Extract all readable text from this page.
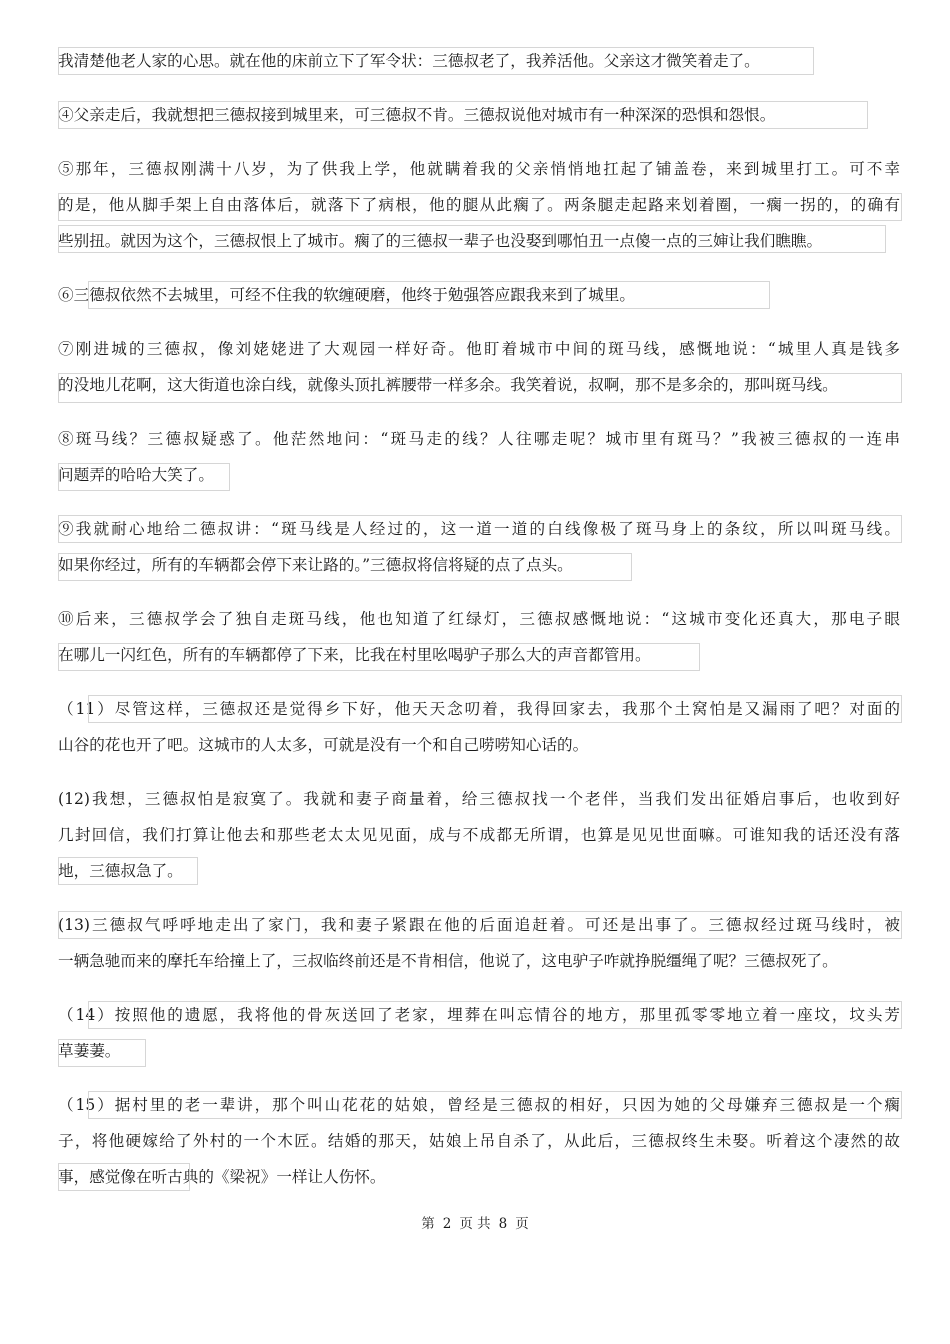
我清楚他老人家的心思。就在他的床前立下了军令状：三德叔老了，我养活他。父亲这才微笑着走了。
④父亲走后，我就想把三德叔接到城里来，可三德叔不肯。三德叔说他对城市有一种深深的恐惧和怨恨。
⑤那年，三德叔刚满十八岁，为了供我上学，他就瞒着我的父亲悄悄地扛起了铺盖卷，来到城里打工。可不幸
的是，他从脚手架上自由落体后，就落下了病根，他的腿从此瘸了。两条腿走起路来划着圈，一瘸一拐的，的确有
些别扭。就因为这个，三德叔恨上了城市。瘸了的三德叔一辈子也没娶到哪怕丑一点傻一点的三婶让我们瞧瞧。
⑥三德叔依然不去城里，可经不住我的软缠硬磨，他终于勉强答应跟我来到了城里。
⑦刚进城的三德叔，像刘姥姥进了大观园一样好奇。他盯着城市中间的斑马线，感慨地说：“城里人真是钱多
的没地儿花啊，这大街道也涂白线，就像头顶扎裤腰带一样多余。我笑着说，叔啊，那不是多余的，那叫斑马线。
⑧斑马线？三德叔疑惑了。他茫然地问：“斑马走的线？人往哪走呢？城市里有斑马？”我被三德叔的一连串
问题弄的哈哈大笑了。
⑨我就耐心地给二德叔讲：“斑马线是人经过的，这一道一道的白线像极了斑马身上的条纹，所以叫斑马线。
如果你经过，所有的车辆都会停下来让路的。”三德叔将信将疑的点了点头。
⑩后来，三德叔学会了独自走斑马线，他也知道了红绿灯，三德叔感慨地说：“这城市变化还真大，那电子眼
在哪儿一闪红色，所有的车辆都停了下来，比我在村里吆喝驴子那么大的声音都管用。
（11）尽管这样，三德叔还是觉得乡下好，他天天念叨着，我得回家去，我那个土窝怕是又漏雨了吧？对面的
山谷的花也开了吧。这城市的人太多，可就是没有一个和自己唠唠知心话的。
(12)我想，三德叔怕是寂寞了。我就和妻子商量着，给三德叔找一个老伴，当我们发出征婚启事后，也收到好
几封回信，我们打算让他去和那些老太太见见面，成与不成都无所谓，也算是见见世面嘛。可谁知我的话还没有落
地，三德叔急了。
(13)三德叔气呼呼地走出了家门，我和妻子紧跟在他的后面追赶着。可还是出事了。三德叔经过斑马线时，被
一辆急驰而来的摩托车给撞上了，三叔临终前还是不肯相信，他说了，这电驴子咋就挣脱缰绳了呢？三德叔死了。
（14）按照他的遗愿，我将他的骨灰送回了老家，埋葬在叫忘情谷的地方，那里孤零零地立着一座坟，坟头芳
草萋萋。
（15）据村里的老一辈讲，那个叫山花花的姑娘，曾经是三德叔的相好，只因为她的父母嫌弃三德叔是一个瘸
子，将他硬嫁给了外村的一个木匠。结婚的那天，姑娘上吊自杀了，从此后，三德叔终生未娶。听着这个凄然的故
事，感觉像在听古典的《梁祝》一样让人伤怀。
第 2 页 共 8 页
